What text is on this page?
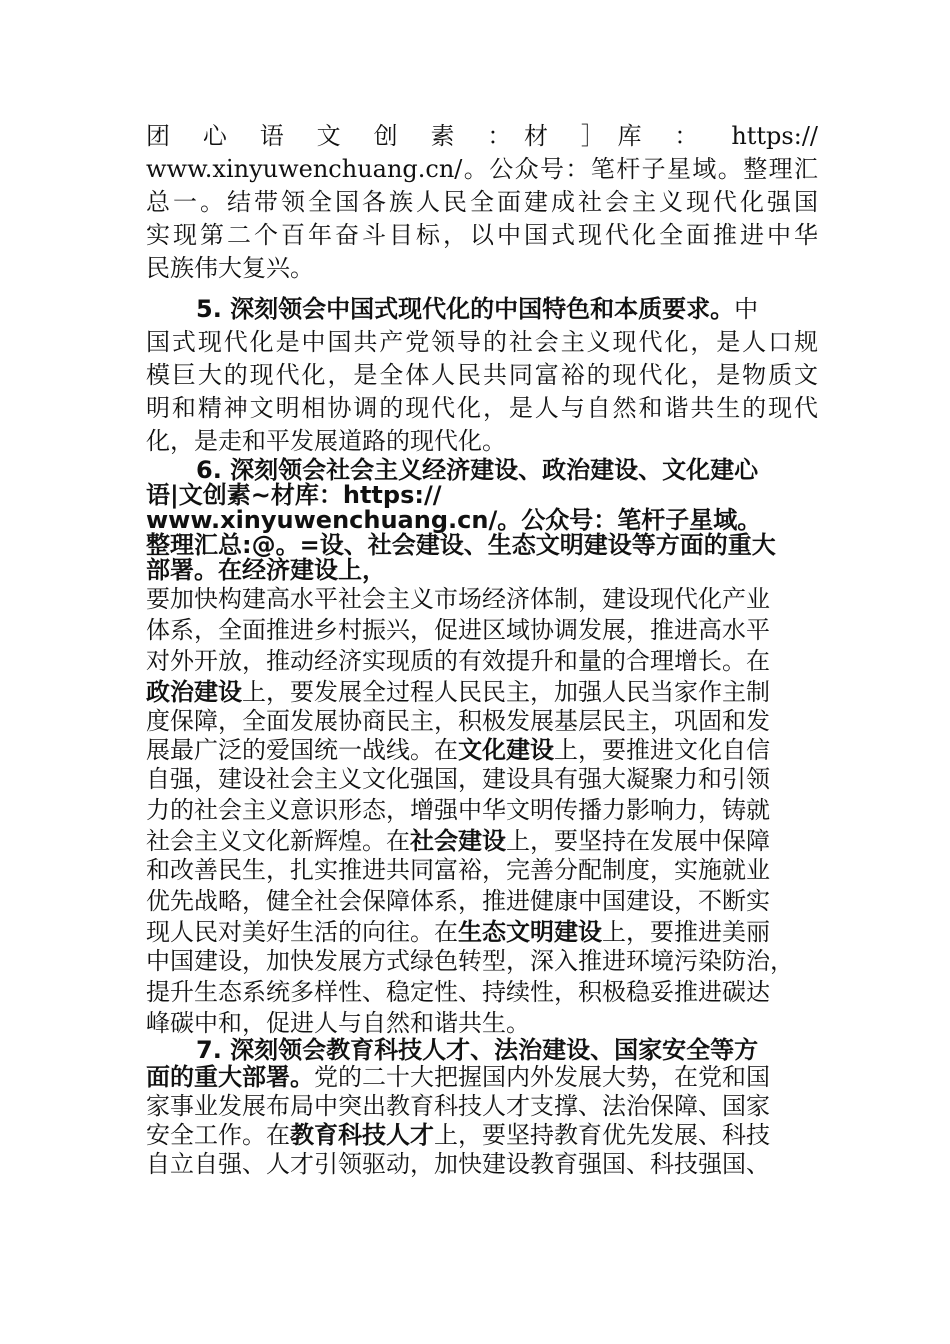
团 心 语 文 创 素 ：材 ］库 ： https://
www.xinyuwenchuang.cn/。公众号：笔杆子星域。整理汇
总一。结带领全国各族人民全面建成社会主义现代化强国
实现第二个百年奋斗目标，以中国式现代化全面推进中华
民族伟大复兴。
5. 深刻领会中国式现代化的中国特色和本质要求。中
国式现代化是中国共产党领导的社会主义现代化，是人口规
模巨大的现代化，是全体人民共同富裕的现代化，是物质文
明和精神文明相协调的现代化，是人与自然和谐共生的现代
化，是走和平发展道路的现代化。
6. 深刻领会社会主义经济建设、政治建设、文化建心
语|文创素~材库：https://
www.xinyuwenchuang.cn/。公众号：笔杆子星域。
整理汇总:@。=设、社会建设、生态文明建设等方面的重大
部署。在经济建设上，
要加快构建高水平社会主义市场经济体制，建设现代化产业
体系，全面推进乡村振兴，促进区域协调发展，推进高水平
对外开放，推动经济实现质的有效提升和量的合理增长。在
政治建设上，要发展全过程人民民主，加强人民当家作主制
度保障，全面发展协商民主，积极发展基层民主，巩固和发
展最广泛的爱国统一战线。在文化建设上，要推进文化自信
自强，建设社会主义文化强国，建设具有强大凝聚力和引领
力的社会主义意识形态，增强中华文明传播力影响力，铸就
社会主义文化新辉煌。在社会建设上，要坚持在发展中保障
和改善民生，扎实推进共同富裕，完善分配制度，实施就业
优先战略，健全社会保障体系，推进健康中国建设，不断实
现人民对美好生活的向往。在生态文明建设上，要推进美丽
中国建设，加快发展方式绿色转型，深入推进环境污染防治，
提升生态系统多样性、稳定性、持续性，积极稳妥推进碳达
峰碳中和，促进人与自然和谐共生。
7. 深刻领会教育科技人才、法治建设、国家安全等方
面的重大部署。党的二十大把握国内外发展大势，在党和国
家事业发展布局中突出教育科技人才支撑、法治保障、国家
安全工作。在教育科技人才上，要坚持教育优先发展、科技
自立自强、人才引领驱动，加快建设教育强国、科技强国、
